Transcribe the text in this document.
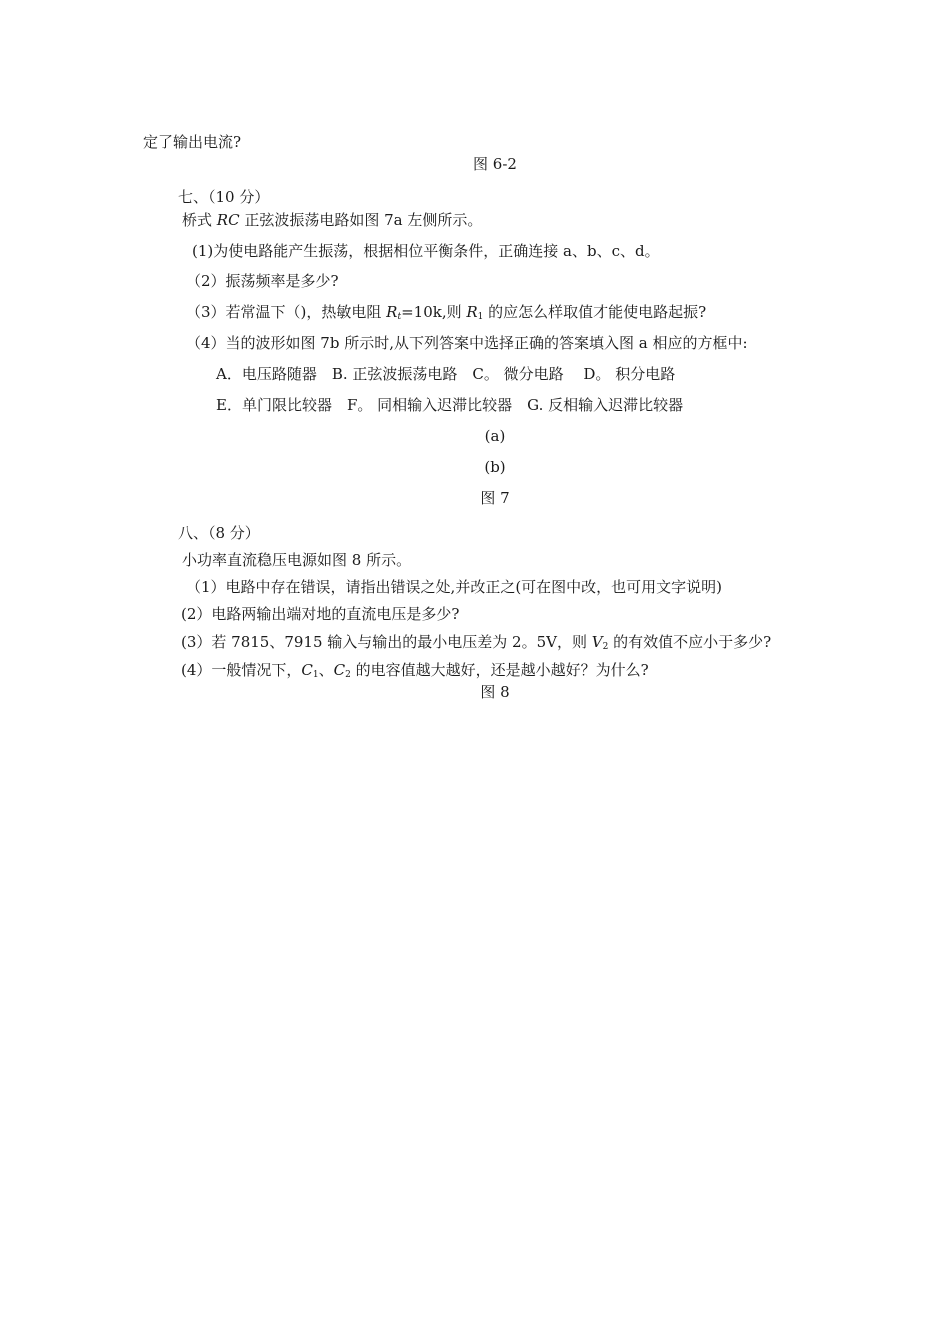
定了输出电流?
图 6-2
七、（10 分）
桥式 RC 正弦波振荡电路如图 7a 左侧所示。
(1)为使电路能产生振荡，根据相位平衡条件，正确连接 a、b、c、d。
（2）振荡频率是多少?
（3）若常温下（)，热敏电阻 $R_t=10k$,则 $R_1$ 的应怎么样取值才能使电路起振?
（4）当的波形如图 7b 所示时,从下列答案中选择正确的答案填入图 a 相应的方框中:
A．电压路随器　B. 正弦波振荡电路　C。 微分电路　 D。 积分电路
E．单门限比较器　F。 同相输入迟滞比较器　G. 反相输入迟滞比较器
(a)
(b)
图 7
八、（8 分）
小功率直流稳压电源如图 8 所示。
（1）电路中存在错误，请指出错误之处,并改正之(可在图中改，也可用文字说明)
(2）电路两输出端对地的直流电压是多少?
(3）若 7815、7915 输入与输出的最小电压差为 2。5V，则 $V_2$ 的有效值不应小于多少?
(4）一般情况下，$C_1$、$C_2$ 的电容值越大越好，还是越小越好？为什么?
图 8
